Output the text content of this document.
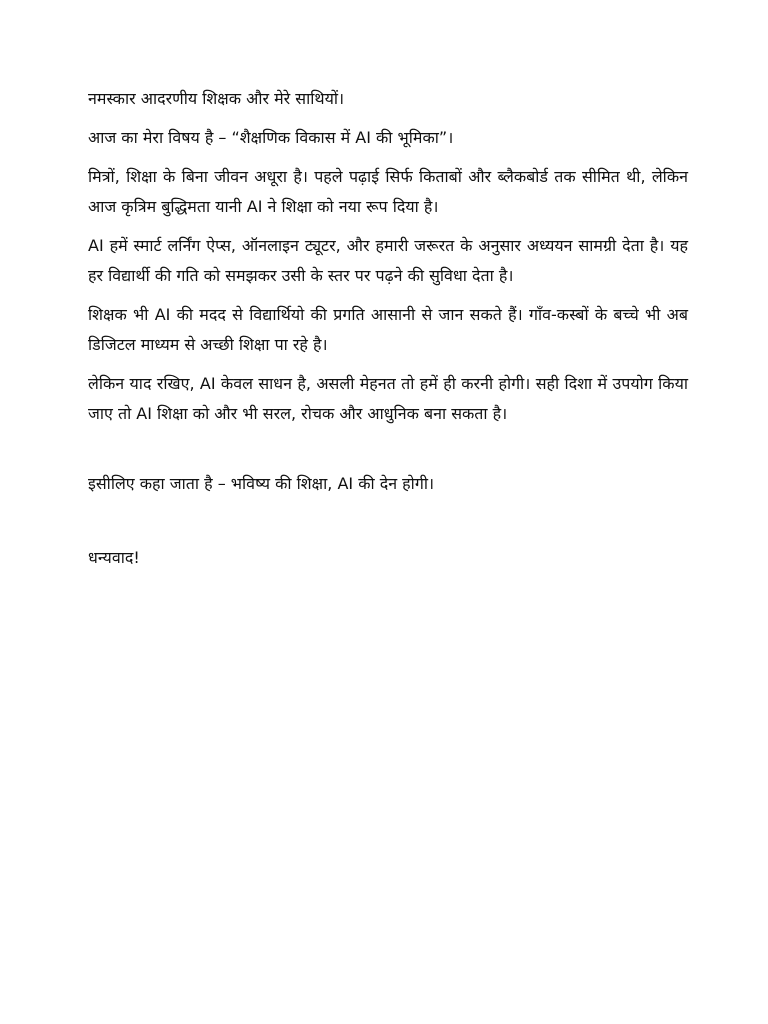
नमस्कार आदरणीय शिक्षक और मेरे साथियों।

आज का मेरा विषय है – “शैक्षणिक विकास में AI की भूमिका”।

मित्रों, शिक्षा के बिना जीवन अधूरा है। पहले पढ़ाई सिर्फ किताबों और ब्लैकबोर्ड तक सीमित थी, लेकिन आज कृत्रिम बुद्धिमता यानी AI ने शिक्षा को नया रूप दिया है।

AI हमें स्मार्ट लर्निंग ऐप्स, ऑनलाइन ट्यूटर, और हमारी जरूरत के अनुसार अध्ययन सामग्री देता है। यह हर विद्यार्थी की गति को समझकर उसी के स्तर पर पढ़ने की सुविधा देता है।

शिक्षक भी AI की मदद से विद्यार्थियो की प्रगति आसानी से जान सकते हैं। गाँव-कस्बों के बच्चे भी अब डिजिटल माध्यम से अच्छी शिक्षा पा रहे है।

लेकिन याद रखिए, AI केवल साधन है, असली मेहनत तो हमें ही करनी होगी। सही दिशा में उपयोग किया जाए तो AI शिक्षा को और भी सरल, रोचक और आधुनिक बना सकता है।

इसीलिए कहा जाता है – भविष्य की शिक्षा, AI की देन होगी।

धन्यवाद!
